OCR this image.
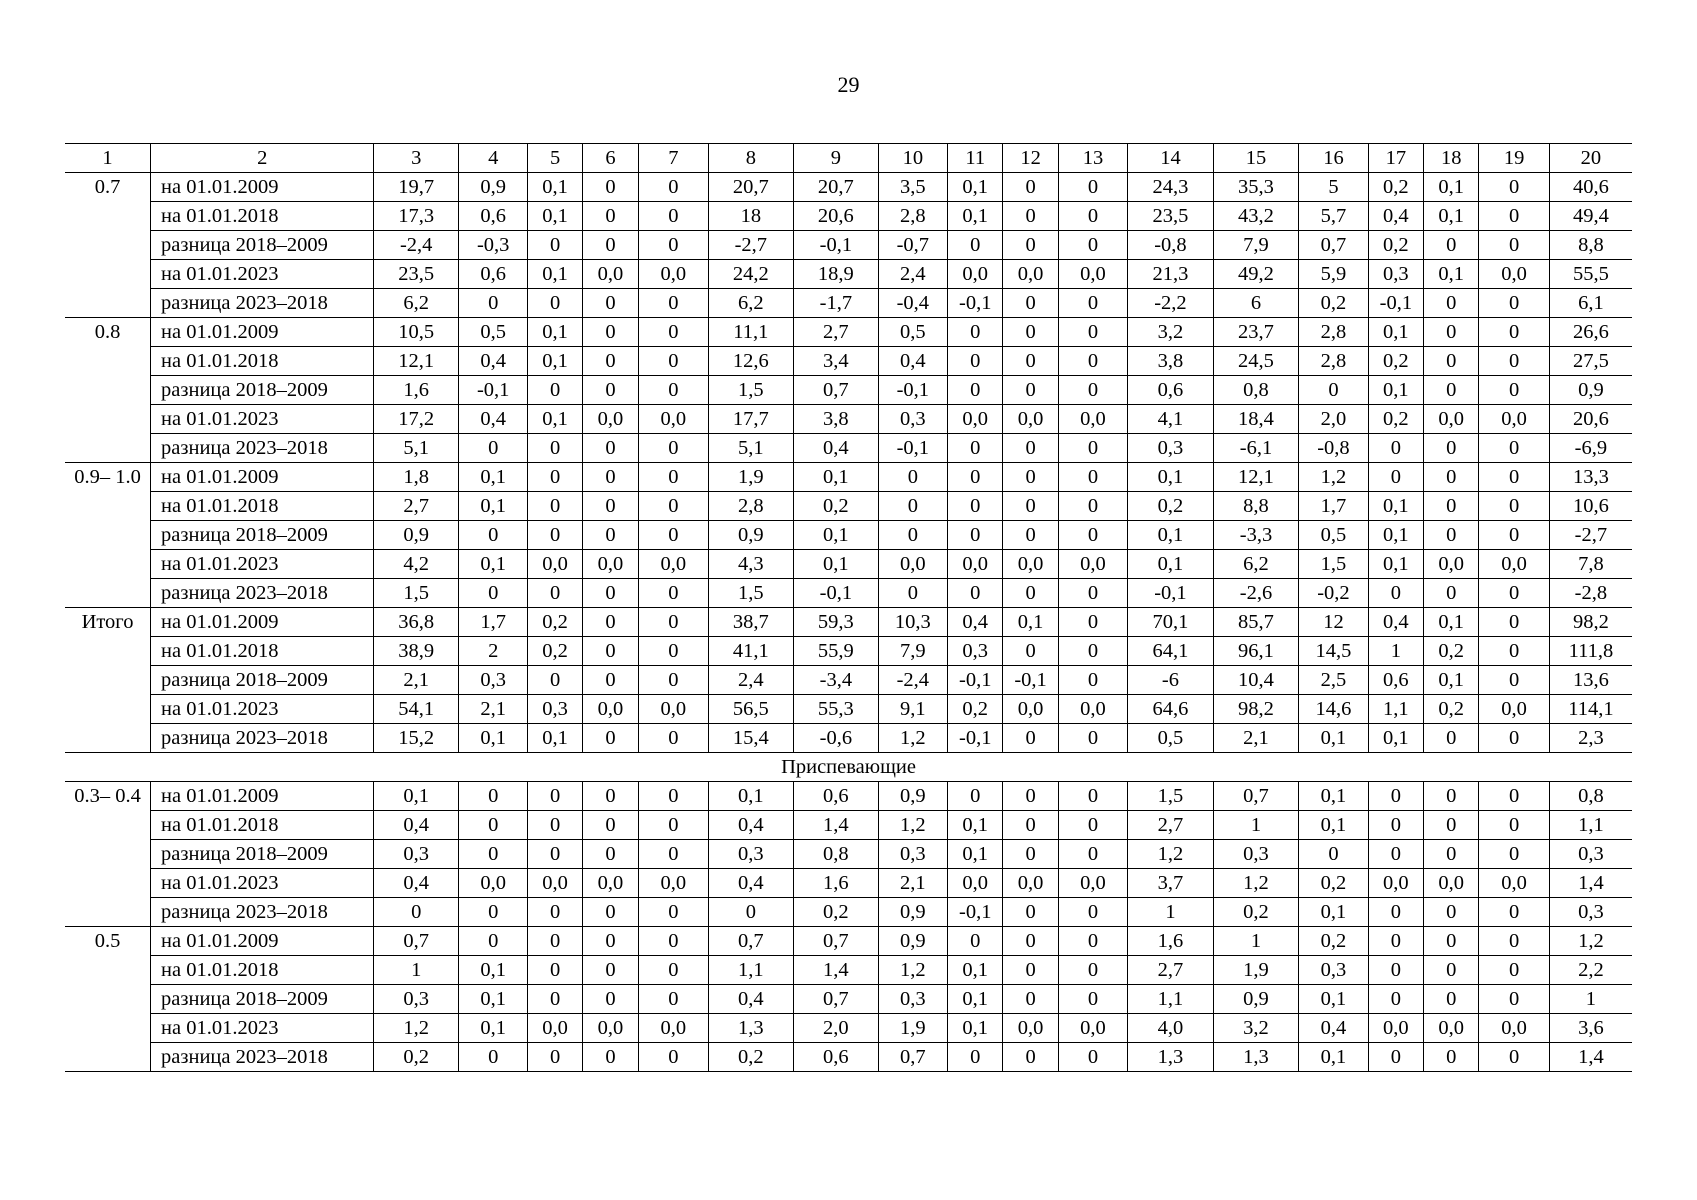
29
1	2	3	4	5	6	7	8	9	10	11	12	13	14	15	16	17	18	19	20
0.7	на 01.01.2009	19,7	0,9	0,1	0	0	20,7	20,7	3,5	0,1	0	0	24,3	35,3	5	0,2	0,1	0	40,6
	на 01.01.2018	17,3	0,6	0,1	0	0	18	20,6	2,8	0,1	0	0	23,5	43,2	5,7	0,4	0,1	0	49,4
	разница 2018–2009	-2,4	-0,3	0	0	0	-2,7	-0,1	-0,7	0	0	0	-0,8	7,9	0,7	0,2	0	0	8,8
	на 01.01.2023	23,5	0,6	0,1	0,0	0,0	24,2	18,9	2,4	0,0	0,0	0,0	21,3	49,2	5,9	0,3	0,1	0,0	55,5
	разница 2023–2018	6,2	0	0	0	0	6,2	-1,7	-0,4	-0,1	0	0	-2,2	6	0,2	-0,1	0	0	6,1
0.8	на 01.01.2009	10,5	0,5	0,1	0	0	11,1	2,7	0,5	0	0	0	3,2	23,7	2,8	0,1	0	0	26,6
	на 01.01.2018	12,1	0,4	0,1	0	0	12,6	3,4	0,4	0	0	0	3,8	24,5	2,8	0,2	0	0	27,5
	разница 2018–2009	1,6	-0,1	0	0	0	1,5	0,7	-0,1	0	0	0	0,6	0,8	0	0,1	0	0	0,9
	на 01.01.2023	17,2	0,4	0,1	0,0	0,0	17,7	3,8	0,3	0,0	0,0	0,0	4,1	18,4	2,0	0,2	0,0	0,0	20,6
	разница 2023–2018	5,1	0	0	0	0	5,1	0,4	-0,1	0	0	0	0,3	-6,1	-0,8	0	0	0	-6,9
0.9– 1.0	на 01.01.2009	1,8	0,1	0	0	0	1,9	0,1	0	0	0	0	0,1	12,1	1,2	0	0	0	13,3
	на 01.01.2018	2,7	0,1	0	0	0	2,8	0,2	0	0	0	0	0,2	8,8	1,7	0,1	0	0	10,6
	разница 2018–2009	0,9	0	0	0	0	0,9	0,1	0	0	0	0	0,1	-3,3	0,5	0,1	0	0	-2,7
	на 01.01.2023	4,2	0,1	0,0	0,0	0,0	4,3	0,1	0,0	0,0	0,0	0,0	0,1	6,2	1,5	0,1	0,0	0,0	7,8
	разница 2023–2018	1,5	0	0	0	0	1,5	-0,1	0	0	0	0	-0,1	-2,6	-0,2	0	0	0	-2,8
Итого	на 01.01.2009	36,8	1,7	0,2	0	0	38,7	59,3	10,3	0,4	0,1	0	70,1	85,7	12	0,4	0,1	0	98,2
	на 01.01.2018	38,9	2	0,2	0	0	41,1	55,9	7,9	0,3	0	0	64,1	96,1	14,5	1	0,2	0	111,8
	разница 2018–2009	2,1	0,3	0	0	0	2,4	-3,4	-2,4	-0,1	-0,1	0	-6	10,4	2,5	0,6	0,1	0	13,6
	на 01.01.2023	54,1	2,1	0,3	0,0	0,0	56,5	55,3	9,1	0,2	0,0	0,0	64,6	98,2	14,6	1,1	0,2	0,0	114,1
	разница 2023–2018	15,2	0,1	0,1	0	0	15,4	-0,6	1,2	-0,1	0	0	0,5	2,1	0,1	0,1	0	0	2,3
Приспевающие																			
0.3– 0.4	на 01.01.2009	0,1	0	0	0	0	0,1	0,6	0,9	0	0	0	1,5	0,7	0,1	0	0	0	0,8
	на 01.01.2018	0,4	0	0	0	0	0,4	1,4	1,2	0,1	0	0	2,7	1	0,1	0	0	0	1,1
	разница 2018–2009	0,3	0	0	0	0	0,3	0,8	0,3	0,1	0	0	1,2	0,3	0	0	0	0	0,3
	на 01.01.2023	0,4	0,0	0,0	0,0	0,0	0,4	1,6	2,1	0,0	0,0	0,0	3,7	1,2	0,2	0,0	0,0	0,0	1,4
	разница 2023–2018	0	0	0	0	0	0	0,2	0,9	-0,1	0	0	1	0,2	0,1	0	0	0	0,3
0.5	на 01.01.2009	0,7	0	0	0	0	0,7	0,7	0,9	0	0	0	1,6	1	0,2	0	0	0	1,2
	на 01.01.2018	1	0,1	0	0	0	1,1	1,4	1,2	0,1	0	0	2,7	1,9	0,3	0	0	0	2,2
	разница 2018–2009	0,3	0,1	0	0	0	0,4	0,7	0,3	0,1	0	0	1,1	0,9	0,1	0	0	0	1
	на 01.01.2023	1,2	0,1	0,0	0,0	0,0	1,3	2,0	1,9	0,1	0,0	0,0	4,0	3,2	0,4	0,0	0,0	0,0	3,6
	разница 2023–2018	0,2	0	0	0	0	0,2	0,6	0,7	0	0	0	1,3	1,3	0,1	0	0	0	1,4
